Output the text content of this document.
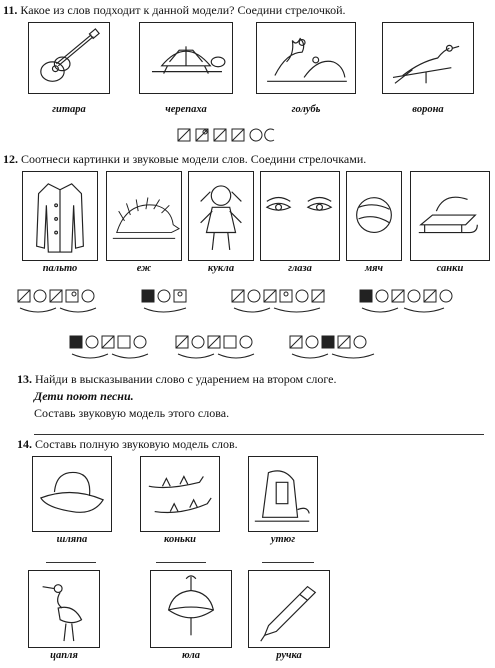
11. Какое из слов подходит к данной модели? Соедини стрелочкой.
гитара	черепаха	голубь	ворона
12. Соотнеси картинки и звуковые модели слов. Соедини стрелочками.
пальто	еж	кукла	глаза	мяч	санки
13. Найди в высказывании слово с ударением на втором слоге.
Дети поют песни.
Составь звуковую модель этого слова.
14. Составь полную звуковую модель слов.
шляпа	коньки	утюг
цапля	юла	ручка
